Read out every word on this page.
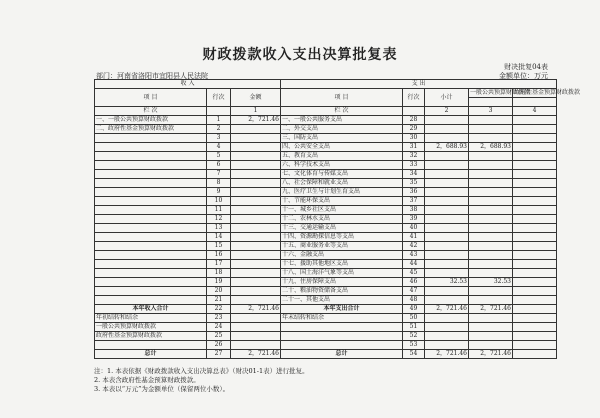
财政拨款收入支出决算批复表
财决批复04表
部门：河南省洛阳市宜阳县人民法院	金额单位：万元
收 入			支 出				
项 目	行次	金额	项 目	行次	小计	一般公共预算财政拨款	政府性基金预算财政拨款

栏 次		1	栏 次		2	3	4
一、一般公共预算财政拨款	1	2，721.46	一、一般公共服务支出	28			
二、政府性基金预算财政拨款	2		二、外交支出	29			
	3		三、国防支出	30			
	4		四、公共安全支出	31	2，688.93	2，688.93	
	5		五、教育支出	32			
	6		六、科学技术支出	33			
	7		七、文化体育与传媒支出	34			
	8		八、社会保障和就业支出	35			
	9		九、医疗卫生与计划生育支出	36			
	10		十、节能环保支出	37			
	11		十一、城乡社区支出	38			
	12		十二、农林水支出	39			
	13		十三、交通运输支出	40			
	14		十四、资源勘探信息等支出	41			
	15		十五、商业服务业等支出	42			
	16		十六、金融支出	43			
	17		十七、援助其他地区支出	44			
	18		十八、国土海洋气象等支出	45			
	19		十九、住房保障支出	46	32.53	32.53	
	20		二十、粮油物资储备支出	47			
	21		二十一、其他支出	48			
本年收入合计	22	2，721.46	本年支出合计	49	2，721.46	2，721.46	
年初结转和结余	23		年末结转和结余	50			
一般公共预算财政拨款	24			51			
政府性基金预算财政拨款	25			52			
	26			53			
总计	27	2，721.46	总计	54	2，721.46	2，721.46	
注：1. 本表依据《财政拨款收入支出决算总表》（财决01-1表）进行批复。
2. 本表含政府性基金预算财政拨款。
3. 本表以“万元”为金额单位（保留两位小数）。
